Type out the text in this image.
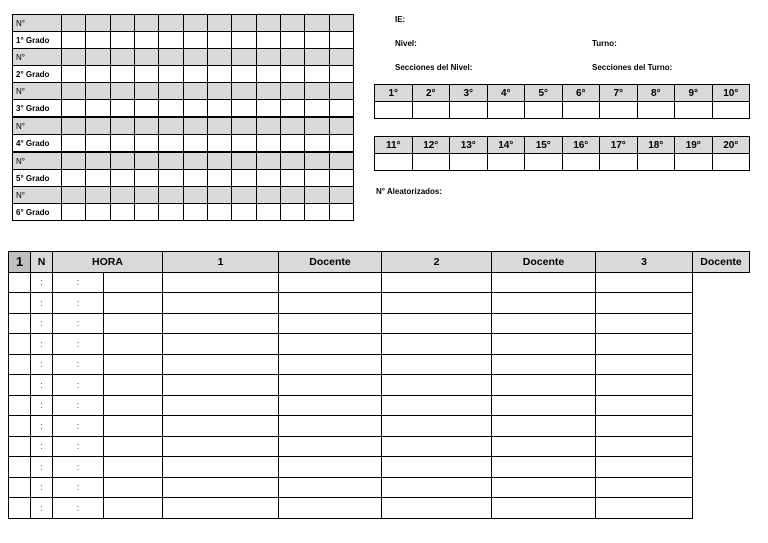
N°												
1° Grado												
N°												
2° Grado												
N°												
3° Grado												
N°												
4° Grado												
N°												
5° Grado												
N°												
6° Grado												
IE:
Nivel:	Turno:
Secciones del Nivel:	Secciones del Turno:
N° Aleatorizados:
1°	2°	3°	4°	5°	6°	7°	8°	9°	10°

11°	12°	13°	14°	15°	16°	17°	18°	19°	20°

1	N	HORA		1	Docente	2	Docente	3	Docente
	:	:							
	:	:							
	:	:							
	:	:							
	:	:							
	:	:							
	:	:							
	:	:							
	:	:							
	:	:							
	:	:							
	:	:							
